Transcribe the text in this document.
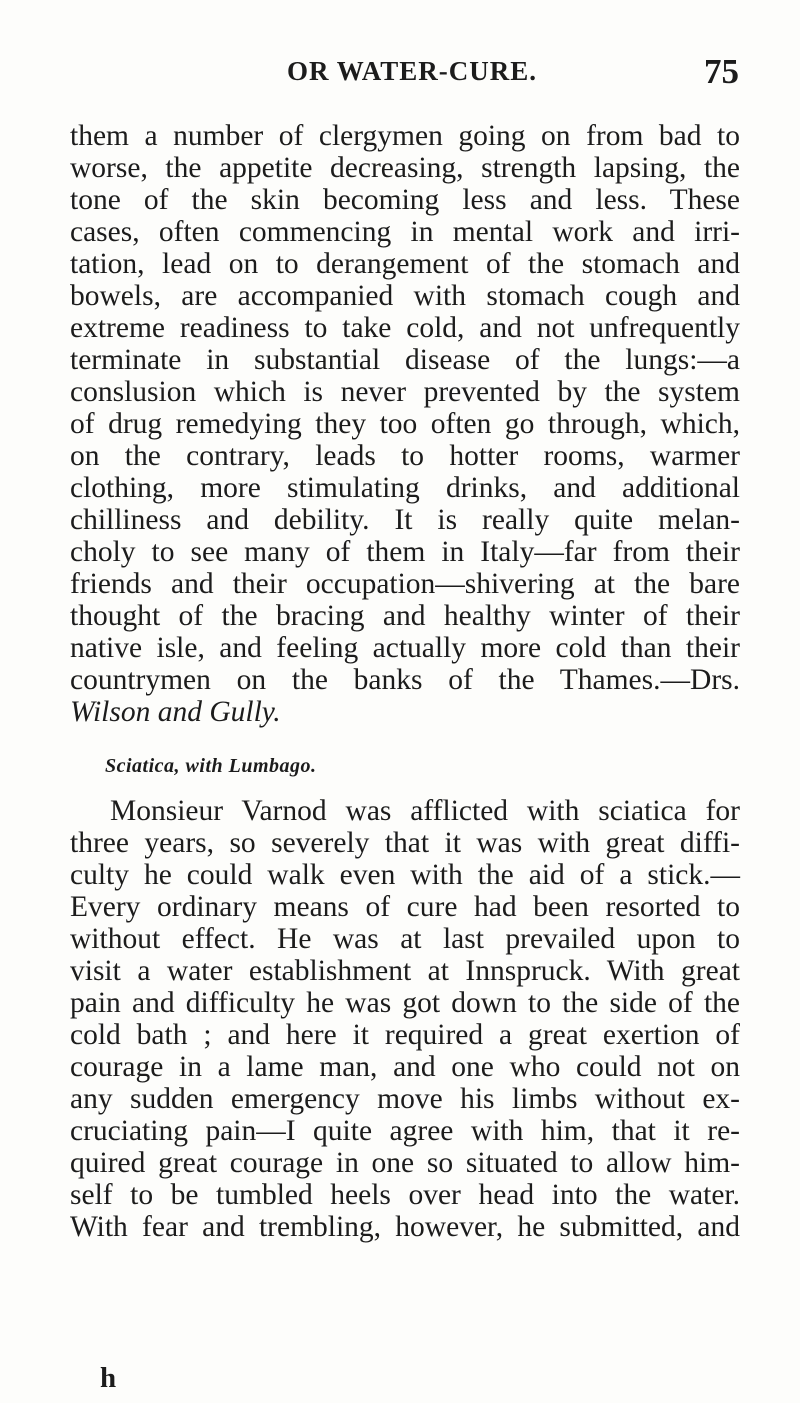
OR WATER-CURE.	75
them a number of clergymen going on from bad to
worse, the appetite decreasing, strength lapsing, the
tone of the skin becoming less and less. These
cases, often commencing in mental work and irri-
tation, lead on to derangement of the stomach and
bowels, are accompanied with stomach cough and
extreme readiness to take cold, and not unfrequently
terminate in substantial disease of the lungs:—a
conslusion which is never prevented by the system
of drug remedying they too often go through, which,
on the contrary, leads to hotter rooms, warmer
clothing, more stimulating drinks, and additional
chilliness and debility. It is really quite melan-
choly to see many of them in Italy—far from their
friends and their occupation—shivering at the bare
thought of the bracing and healthy winter of their
native isle, and feeling actually more cold than their
countrymen on the banks of the Thames.—Drs.
Wilson and Gully.
Sciatica, with Lumbago.
Monsieur Varnod was afflicted with sciatica for
three years, so severely that it was with great diffi-
culty he could walk even with the aid of a stick.—
Every ordinary means of cure had been resorted to
without effect. He was at last prevailed upon to
visit a water establishment at Innspruck. With great
pain and difficulty he was got down to the side of the
cold bath ; and here it required a great exertion of
courage in a lame man, and one who could not on
any sudden emergency move his limbs without ex-
cruciating pain—I quite agree with him, that it re-
quired great courage in one so situated to allow him-
self to be tumbled heels over head into the water.
With fear and trembling, however, he submitted, and
h
